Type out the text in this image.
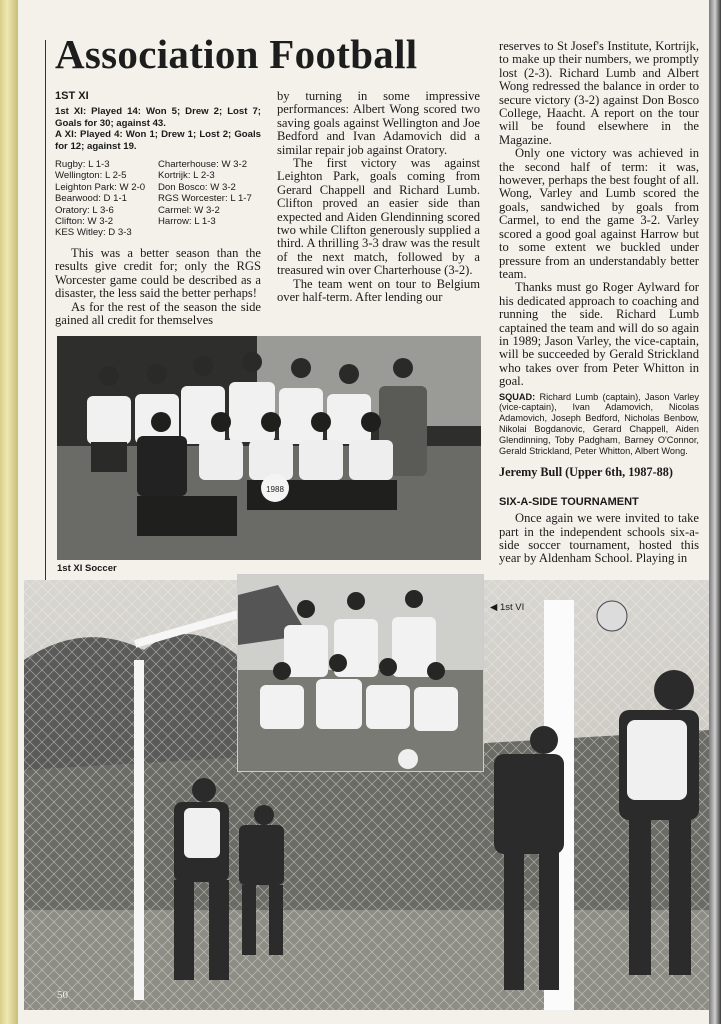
Association Football
1ST XI
1st XI: Played 14: Won 5; Drew 2; Lost 7; Goals for 30; against 43.
A XI: Played 4: Won 1; Drew 1; Lost 2; Goals for 12; against 19.
Rugby: L 1-3
Wellington: L 2-5
Leighton Park: W 2-0
Bearwood: D 1-1
Oratory: L 3-6
Clifton: W 3-2
KES Witley: D 3-3
Charterhouse: W 3-2
Kortrijk: L 2-3
Don Bosco: W 3-2
RGS Worcester: L 1-7
Carmel: W 3-2
Harrow: L 1-3

This was a better season than the results give credit for; only the RGS Worcester game could be described as a disaster, the less said the better perhaps!

As for the rest of the season the side gained all credit for themselves

by turning in some impressive performances: Albert Wong scored two saving goals against Wellington and Joe Bedford and Ivan Adamovich did a similar repair job against Oratory.

The first victory was against Leighton Park, goals coming from Gerard Chappell and Richard Lumb. Clifton proved an easier side than expected and Aiden Glendinning scored two while Clifton generously supplied a third. A thrilling 3-3 draw was the result of the next match, followed by a treasured win over Charterhouse (3-2).

The team went on tour to Belgium over half-term. After lending our

reserves to St Josef's Institute, Kortrijk, to make up their numbers, we promptly lost (2-3). Richard Lumb and Albert Wong redressed the balance in order to secure victory (3-2) against Don Bosco College, Haacht. A report on the tour will be found elsewhere in the Magazine.

Only one victory was achieved in the second half of term: it was, however, perhaps the best fought of all. Wong, Varley and Lumb scored the goals, sandwiched by goals from Carmel, to end the game 3-2. Varley scored a good goal against Harrow but to some extent we buckled under pressure from an understandably better team.

Thanks must go Roger Aylward for his dedicated approach to coaching and running the side. Richard Lumb captained the team and will do so again in 1989; Jason Varley, the vice-captain, will be succeeded by Gerald Strickland who takes over from Peter Whitton in goal.

SQUAD: Richard Lumb (captain), Jason Varley (vice-captain), Ivan Adamovich, Nicolas Adamovich, Joseph Bedford, Nicholas Benbow, Nikolai Bogdanovic, Gerard Chappell, Aiden Glendinning, Toby Padgham, Barney O'Connor, Gerald Strickland, Peter Whitton, Albert Wong.
Jeremy Bull (Upper 6th, 1987-88)
SIX-A-SIDE TOURNAMENT

Once again we were invited to take part in the independent schools six-a-side soccer tournament, hosted this year by Aldenham School. Playing in

1988
1st XI Soccer
◀ 1st VI
50
